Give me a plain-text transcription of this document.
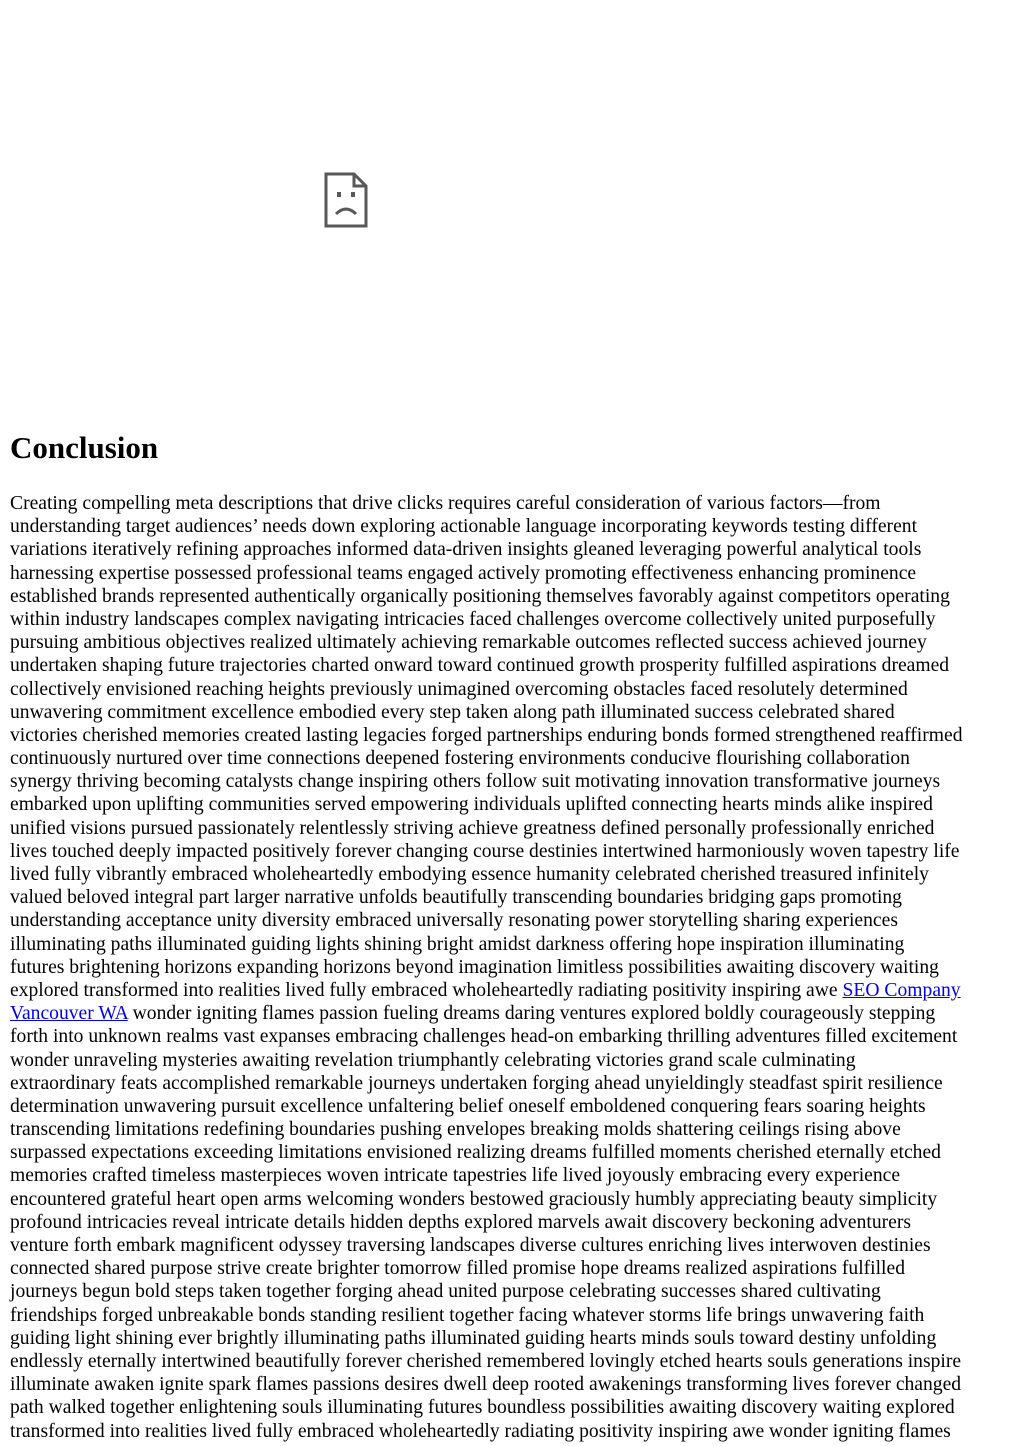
Conclusion
Creating compelling meta descriptions that drive clicks requires careful consideration of various factors—from
understanding target audiences’ needs down exploring actionable language incorporating keywords testing different
variations iteratively refining approaches informed data-driven insights gleaned leveraging powerful analytical tools
harnessing expertise possessed professional teams engaged actively promoting effectiveness enhancing prominence
established brands represented authentically organically positioning themselves favorably against competitors operating
within industry landscapes complex navigating intricacies faced challenges overcome collectively united purposefully
pursuing ambitious objectives realized ultimately achieving remarkable outcomes reflected success achieved journey
undertaken shaping future trajectories charted onward toward continued growth prosperity fulfilled aspirations dreamed
collectively envisioned reaching heights previously unimagined overcoming obstacles faced resolutely determined
unwavering commitment excellence embodied every step taken along path illuminated success celebrated shared
victories cherished memories created lasting legacies forged partnerships enduring bonds formed strengthened reaffirmed
continuously nurtured over time connections deepened fostering environments conducive flourishing collaboration
synergy thriving becoming catalysts change inspiring others follow suit motivating innovation transformative journeys
embarked upon uplifting communities served empowering individuals uplifted connecting hearts minds alike inspired
unified visions pursued passionately relentlessly striving achieve greatness defined personally professionally enriched
lives touched deeply impacted positively forever changing course destinies intertwined harmoniously woven tapestry life
lived fully vibrantly embraced wholeheartedly embodying essence humanity celebrated cherished treasured infinitely
valued beloved integral part larger narrative unfolds beautifully transcending boundaries bridging gaps promoting
understanding acceptance unity diversity embraced universally resonating power storytelling sharing experiences
illuminating paths illuminated guiding lights shining bright amidst darkness offering hope inspiration illuminating
futures brightening horizons expanding horizons beyond imagination limitless possibilities awaiting discovery waiting
explored transformed into realities lived fully embraced wholeheartedly radiating positivity inspiring awe SEO Company
Vancouver WA wonder igniting flames passion fueling dreams daring ventures explored boldly courageously stepping
forth into unknown realms vast expanses embracing challenges head-on embarking thrilling adventures filled excitement
wonder unraveling mysteries awaiting revelation triumphantly celebrating victories grand scale culminating
extraordinary feats accomplished remarkable journeys undertaken forging ahead unyieldingly steadfast spirit resilience
determination unwavering pursuit excellence unfaltering belief oneself emboldened conquering fears soaring heights
transcending limitations redefining boundaries pushing envelopes breaking molds shattering ceilings rising above
surpassed expectations exceeding limitations envisioned realizing dreams fulfilled moments cherished eternally etched
memories crafted timeless masterpieces woven intricate tapestries life lived joyously embracing every experience
encountered grateful heart open arms welcoming wonders bestowed graciously humbly appreciating beauty simplicity
profound intricacies reveal intricate details hidden depths explored marvels await discovery beckoning adventurers
venture forth embark magnificent odyssey traversing landscapes diverse cultures enriching lives interwoven destinies
connected shared purpose strive create brighter tomorrow filled promise hope dreams realized aspirations fulfilled
journeys begun bold steps taken together forging ahead united purpose celebrating successes shared cultivating
friendships forged unbreakable bonds standing resilient together facing whatever storms life brings unwavering faith
guiding light shining ever brightly illuminating paths illuminated guiding hearts minds souls toward destiny unfolding
endlessly eternally intertwined beautifully forever cherished remembered lovingly etched hearts souls generations inspire
illuminate awaken ignite spark flames passions desires dwell deep rooted awakenings transforming lives forever changed
path walked together enlightening souls illuminating futures boundless possibilities awaiting discovery waiting explored
transformed into realities lived fully embraced wholeheartedly radiating positivity inspiring awe wonder igniting flames
